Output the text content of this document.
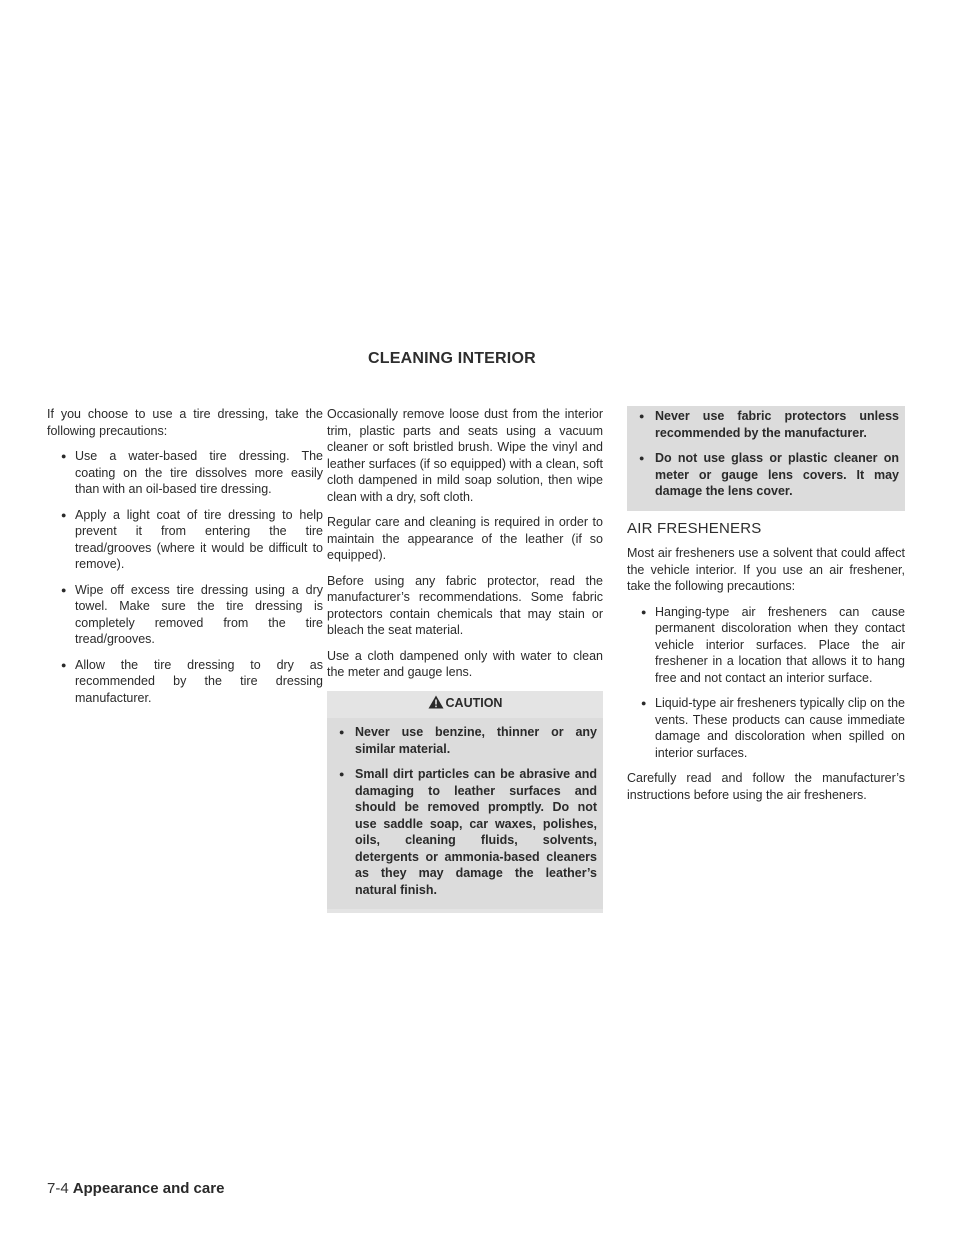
CLEANING INTERIOR

If you choose to use a tire dressing, take the following precautions:

● Use a water-based tire dressing. The coating on the tire dissolves more easily than with an oil-based tire dressing.
● Apply a light coat of tire dressing to help prevent it from entering the tire tread/grooves (where it would be difficult to remove).
● Wipe off excess tire dressing using a dry towel. Make sure the tire dressing is completely removed from the tire tread/grooves.
● Allow the tire dressing to dry as recommended by the tire dressing manufacturer.

Occasionally remove loose dust from the interior trim, plastic parts and seats using a vacuum cleaner or soft bristled brush. Wipe the vinyl and leather surfaces (if so equipped) with a clean, soft cloth dampened in mild soap solution, then wipe clean with a dry, soft cloth.

Regular care and cleaning is required in order to maintain the appearance of the leather (if so equipped).

Before using any fabric protector, read the manufacturer’s recommendations. Some fabric protectors contain chemicals that may stain or bleach the seat material.

Use a cloth dampened only with water to clean the meter and gauge lens.

CAUTION
● Never use benzine, thinner or any similar material.
● Small dirt particles can be abrasive and damaging to leather surfaces and should be removed promptly. Do not use saddle soap, car waxes, polishes, oils, cleaning fluids, solvents, detergents or ammonia-based cleaners as they may damage the leather’s natural finish.
● Never use fabric protectors unless recommended by the manufacturer.
● Do not use glass or plastic cleaner on meter or gauge lens covers. It may damage the lens cover.
AIR FRESHENERS

Most air fresheners use a solvent that could affect the vehicle interior. If you use an air freshener, take the following precautions:

● Hanging-type air fresheners can cause permanent discoloration when they contact vehicle interior surfaces. Place the air freshener in a location that allows it to hang free and not contact an interior surface.
● Liquid-type air fresheners typically clip on the vents. These products can cause immediate damage and discoloration when spilled on interior surfaces.

Carefully read and follow the manufacturer’s instructions before using the air fresheners.

7-4 Appearance and care
